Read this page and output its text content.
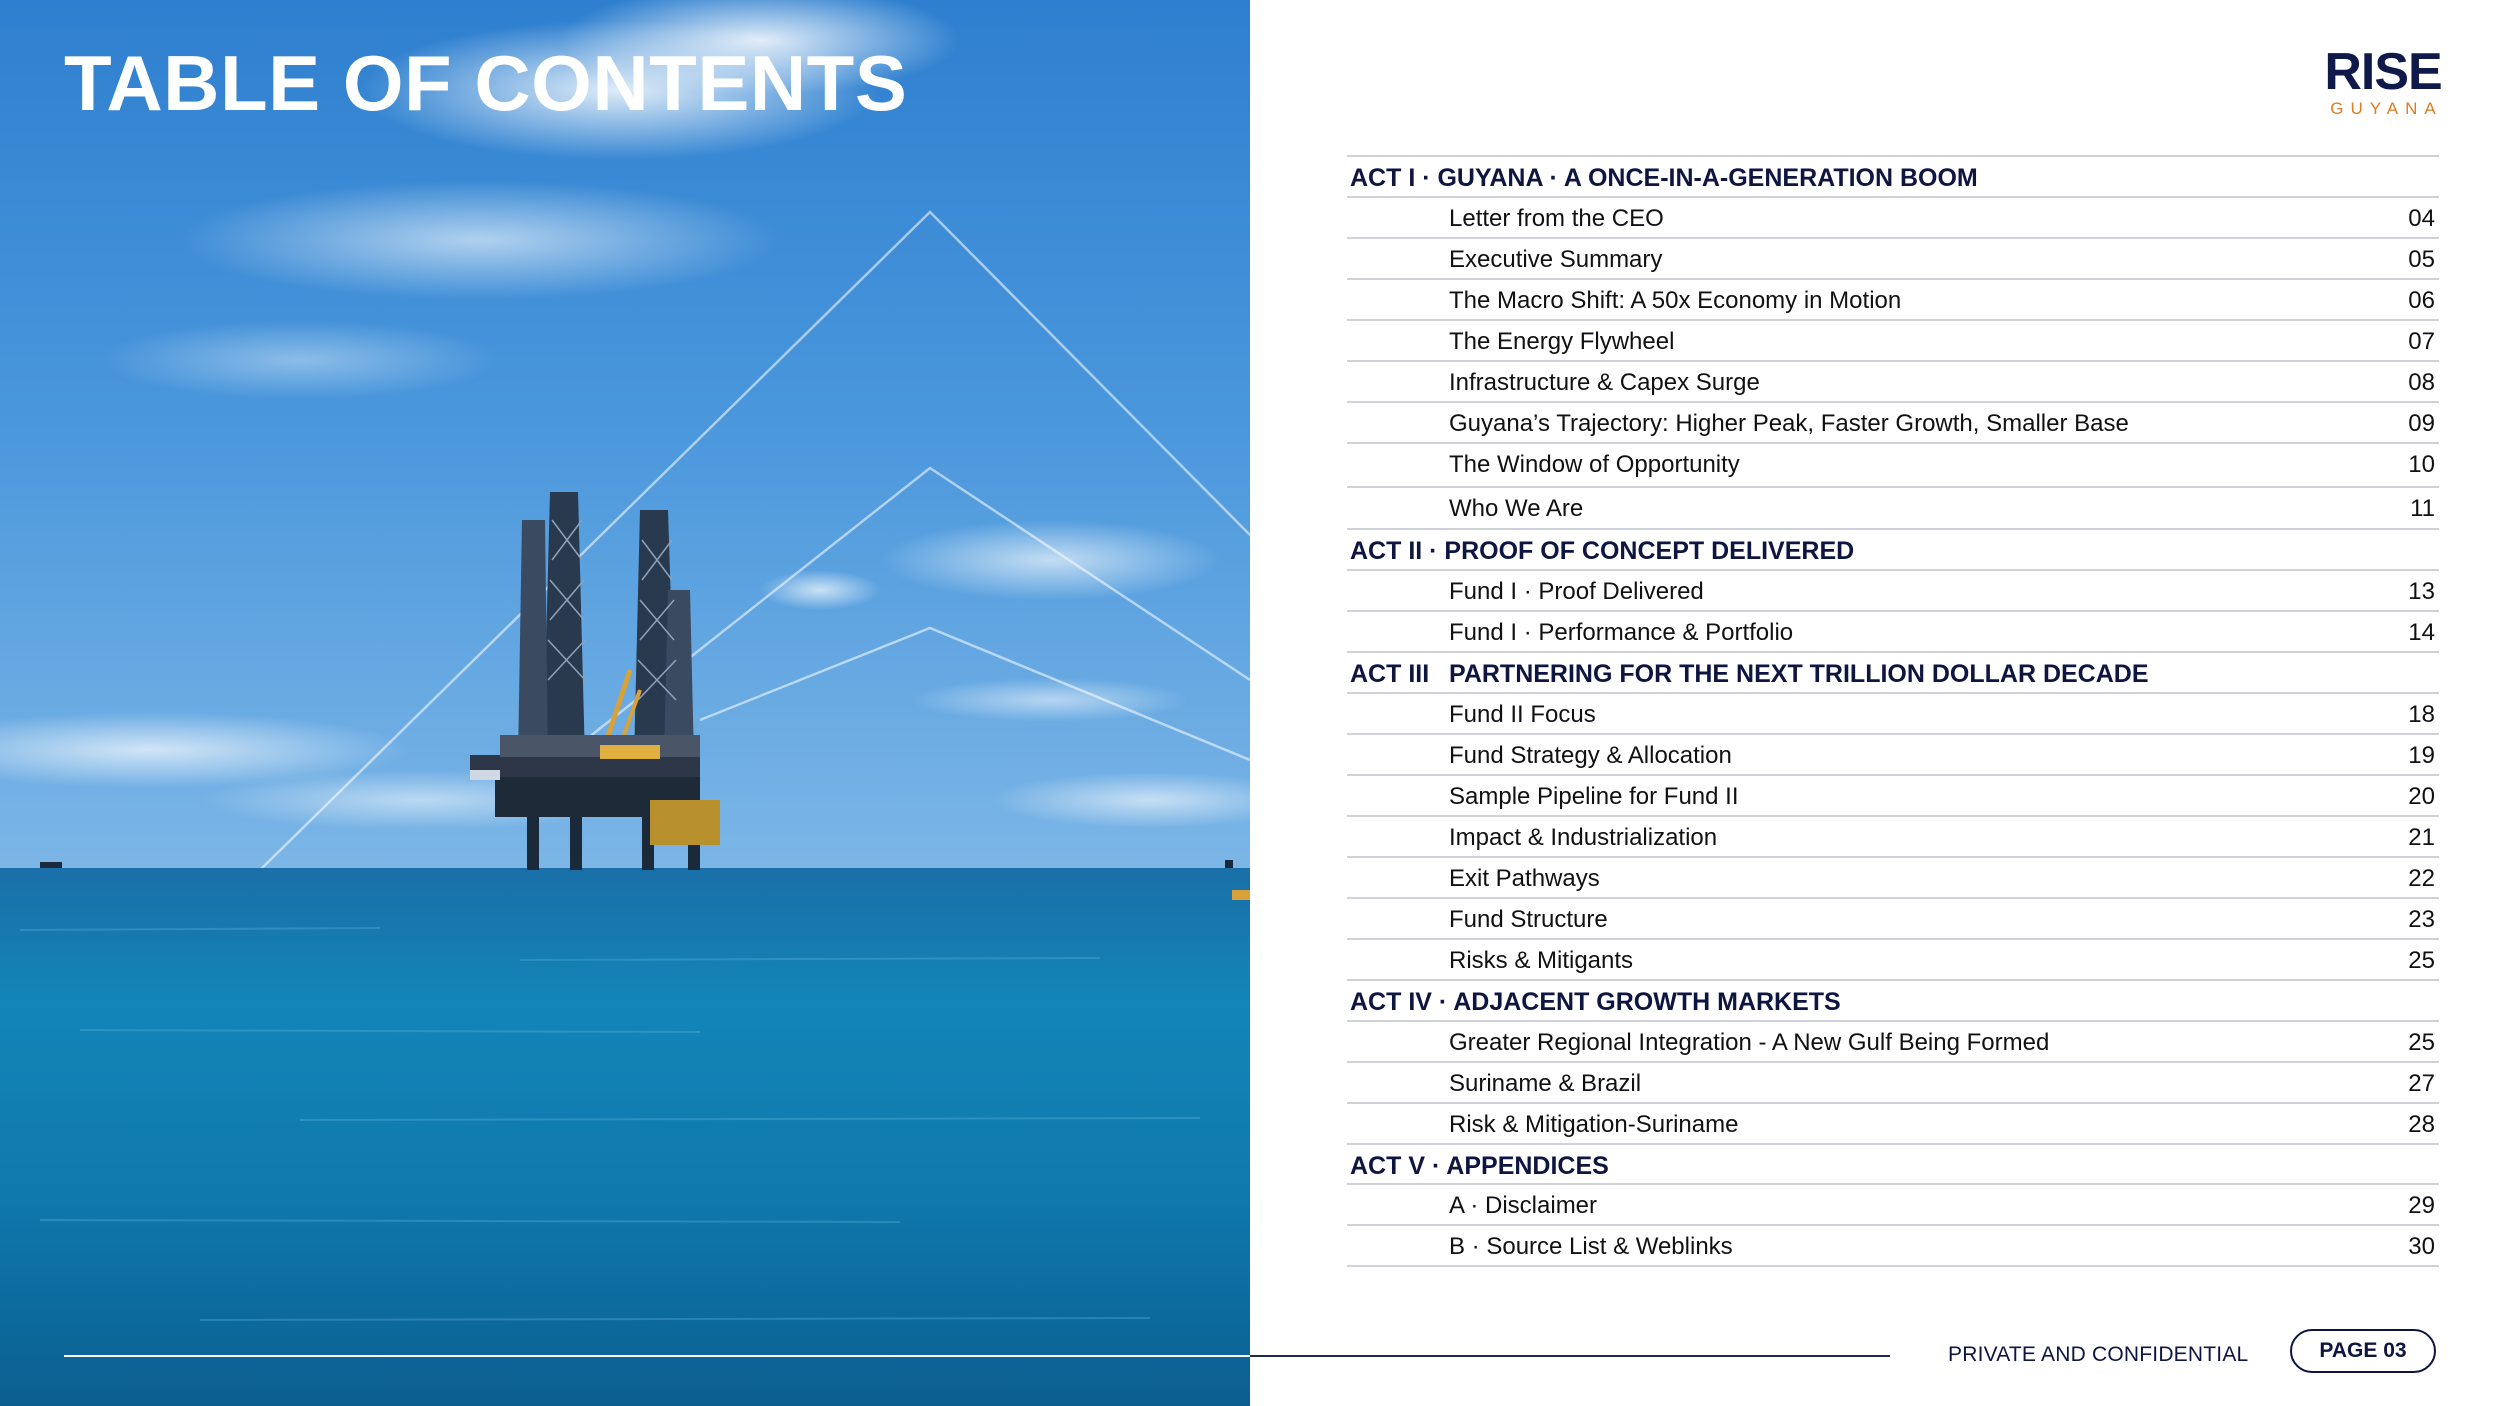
TABLE OF CONTENTS	RISE
GUYANA
ACT I · GUYANA · A ONCE-IN-A-GENERATION BOOM
Letter from the CEO	04
Executive Summary	05
The Macro Shift: A 50x Economy in Motion	06
The Energy Flywheel	07
Infrastructure & Capex Surge	08
Guyana’s Trajectory: Higher Peak, Faster Growth, Smaller Base	09
The Window of Opportunity	10
Who We Are	11
ACT II · PROOF OF CONCEPT DELIVERED
Fund I · Proof Delivered	13
Fund I · Performance & Portfolio	14
ACT III PARTNERING FOR THE NEXT TRILLION DOLLAR DECADE
Fund II Focus	18
Fund Strategy & Allocation	19
Sample Pipeline for Fund II	20
Impact & Industrialization	21
Exit Pathways	22
Fund Structure	23
Risks & Mitigants	25
ACT IV · ADJACENT GROWTH MARKETS
Greater Regional Integration - A New Gulf Being Formed	25
Suriname & Brazil	27
Risk & Mitigation-Suriname	28
ACT V · APPENDICES
A · Disclaimer	29
B · Source List & Weblinks	30
PRIVATE AND CONFIDENTIAL	PAGE 03
